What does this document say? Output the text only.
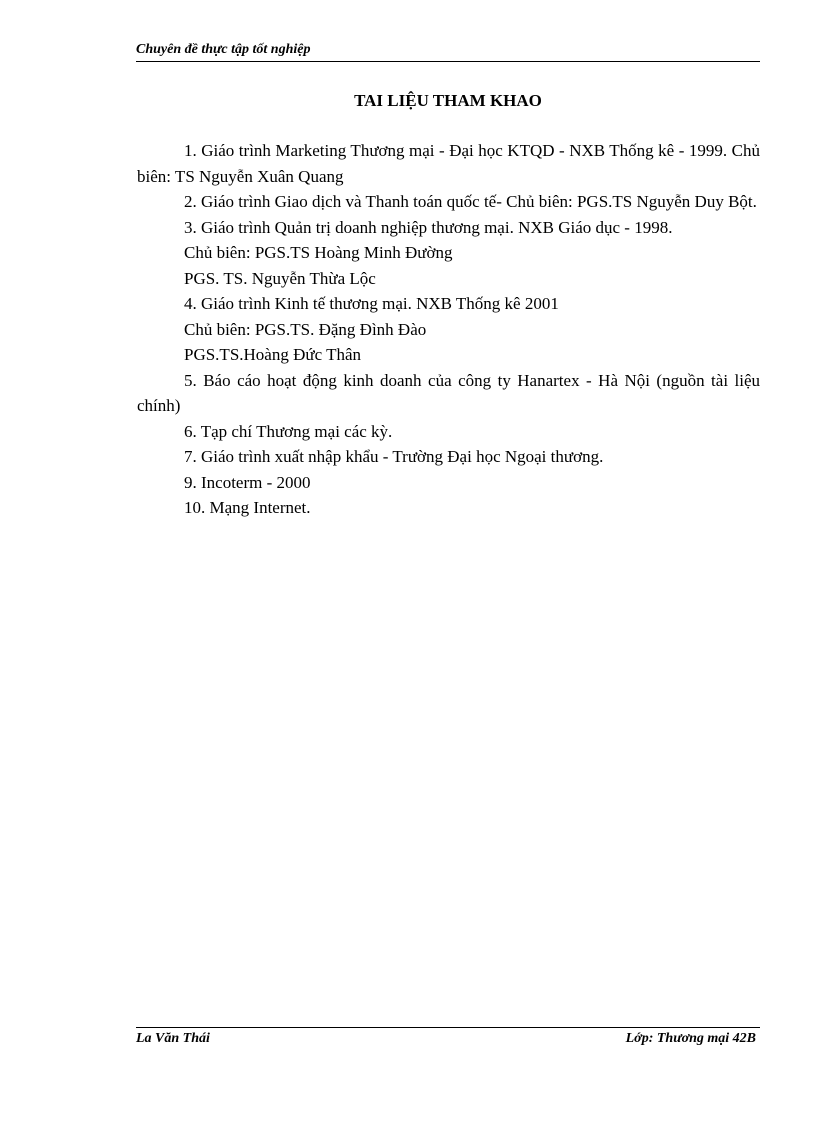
Chuyên đề thực tập tốt nghiệp
TAI LIỆU THAM KHAO

1. Giáo trình Marketing Thương mại - Đại học KTQD - NXB Thống kê - 1999. Chủ biên: TS Nguyễn Xuân Quang

2. Giáo trình Giao dịch và Thanh toán quốc tế- Chủ biên: PGS.TS Nguyễn Duy Bột.

3. Giáo trình Quản trị doanh nghiệp thương mại. NXB Giáo dục - 1998.

Chủ biên: PGS.TS Hoàng Minh Đường

PGS. TS. Nguyễn Thừa Lộc

4. Giáo trình Kinh tế thương mại. NXB Thống kê 2001

Chủ biên: PGS.TS. Đặng Đình Đào

PGS.TS.Hoàng Đức Thân

5. Báo cáo hoạt động kinh doanh của công ty Hanartex - Hà Nội (nguồn tài liệu chính)

6. Tạp chí Thương mại các kỳ.

7. Giáo trình xuất nhập khẩu - Trường Đại học Ngoại thương.

9. Incoterm - 2000

10. Mạng Internet.

La Văn Thái	Lớp: Thương mại 42B
